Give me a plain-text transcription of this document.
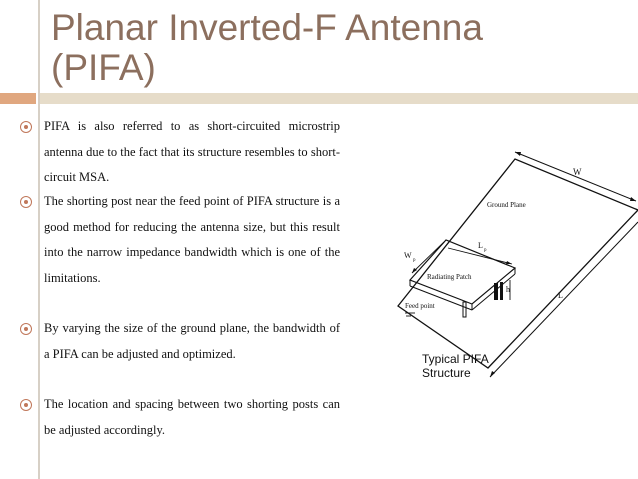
Planar Inverted-F Antenna
(PIFA)
PIFA is also referred to as short-circuited microstrip antenna due to the fact that its structure resembles to short-circuit MSA.
The shorting post near the feed point of PIFA structure is a good method for reducing the antenna size, but this result into the narrow impedance bandwidth which is one of the limitations.
By varying the size of the ground plane, the bandwidth of a PIFA can be adjusted and optimized.
The location and spacing between two shorting posts can be adjusted accordingly.
W
Ground Plane
L
W
p
L
p
Radiating Patch
h
Feed point
Typical PIFA
Structure
